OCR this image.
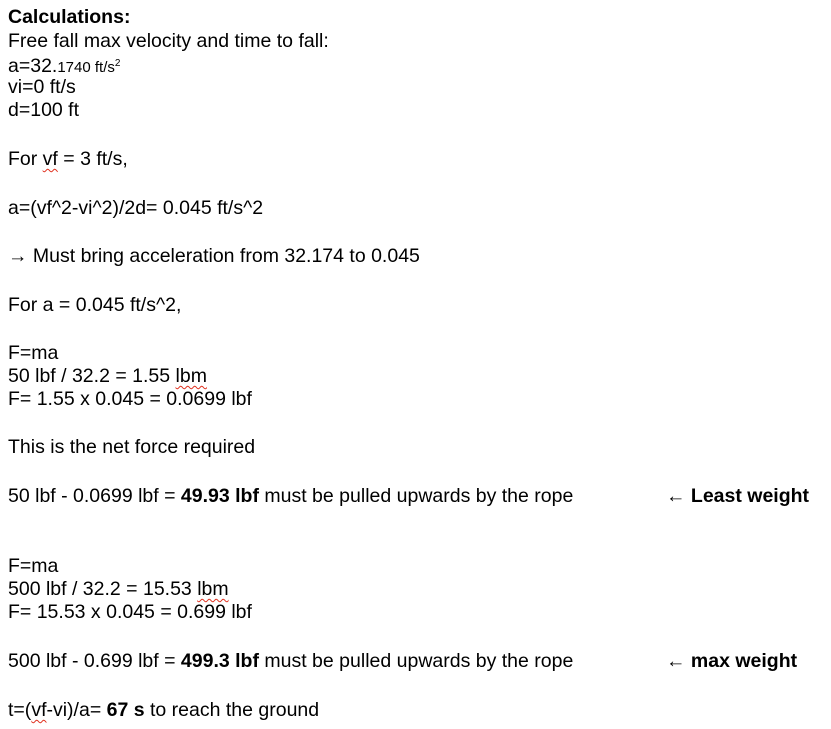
Calculations:
Free fall max velocity and time to fall:
a=32.1740 $ft/s^2$
vi=0 ft/s
d=100 ft
For vf = 3 ft/s,
a=(vf^2-vi^2)/2d= 0.045 ft/s^2
→ Must bring acceleration from 32.174 to 0.045
For a = 0.045 ft/s^2,
F=ma
50 lbf / 32.2 = 1.55 lbm
F= 1.55 x 0.045 = 0.0699 lbf
This is the net force required
50 lbf - 0.0699 lbf = 49.93 lbf must be pulled upwards by the rope	← Least weight
F=ma
500 lbf / 32.2 = 15.53 lbm
F= 15.53 x 0.045 = 0.699 lbf
500 lbf - 0.699 lbf = 499.3 lbf must be pulled upwards by the rope	← max weight
t=(vf-vi)/a= 67 s to reach the ground
